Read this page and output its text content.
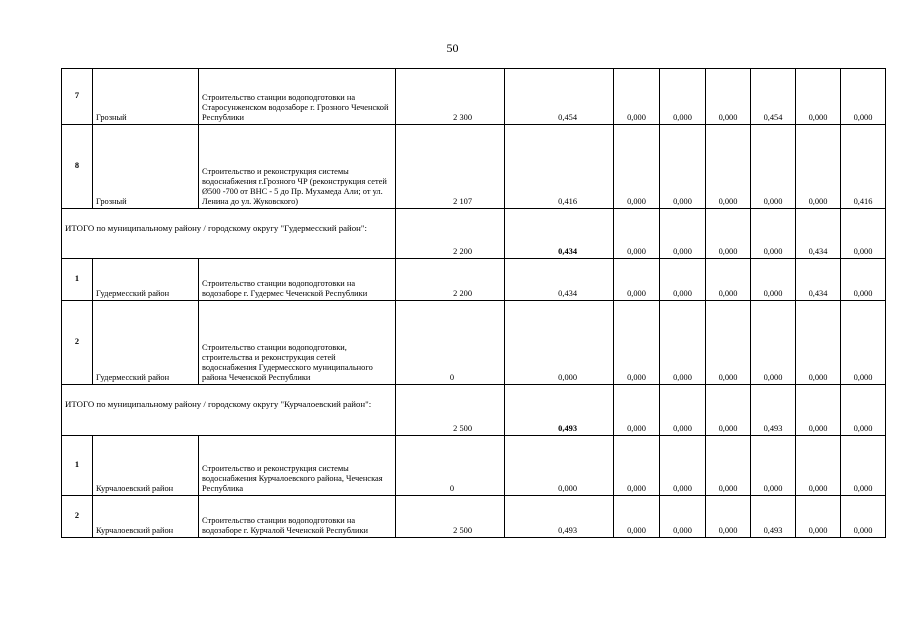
50
7	Грозный	Строительство станции водоподготовки на Старосунженском водозаборе г. Грозного Чеченской Республики	2 300	0,454	0,000	0,000	0,000	0,454	0,000	0,000
8	Грозный	Строительство и реконструкция системы водоснабжения г.Грозного ЧР (реконструкция сетей Ø500 -700 от ВНС - 5 до Пр. Мухамеда Али; от ул. Ленина до ул. Жуковского)	2 107	0,416	0,000	0,000	0,000	0,000	0,000	0,416
ИТОГО по муниципальному району / городскому округу "Гудермесский район":			2 200	0,434	0,000	0,000	0,000	0,000	0,434	0,000
1	Гудермесский район	Строительство станции водоподготовки на водозаборе г. Гудермес Чеченской Республики	2 200	0,434	0,000	0,000	0,000	0,000	0,434	0,000
2	Гудермесский район	Строительство станции водоподготовки, строительства и реконструкция сетей водоснабжения Гудермесского муниципального района Чеченской Республики	0	0,000	0,000	0,000	0,000	0,000	0,000	0,000
ИТОГО по муниципальному району / городскому округу "Курчалоевский район":			2 500	0,493	0,000	0,000	0,000	0,493	0,000	0,000
1	Курчалоевский район	Строительство и реконструкция системы водоснабжения Курчалоевского района, Чеченская Республика	0	0,000	0,000	0,000	0,000	0,000	0,000	0,000
2	Курчалоевский район	Строительство станции водоподготовки на водозаборе г. Курчалой Чеченской Республики	2 500	0,493	0,000	0,000	0,000	0,493	0,000	0,000
